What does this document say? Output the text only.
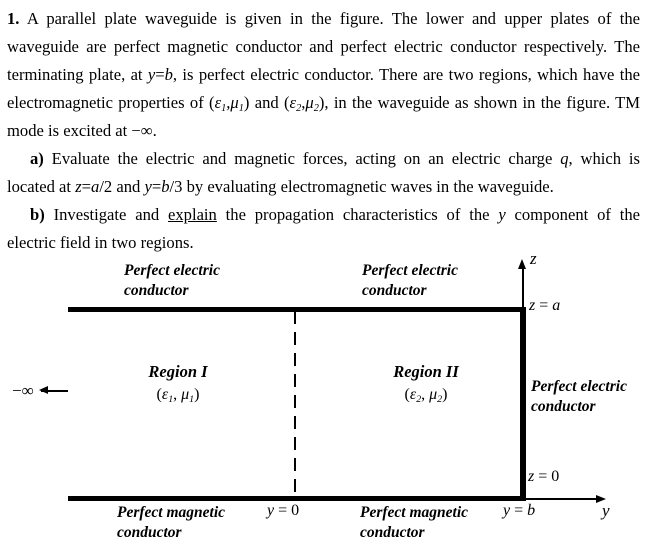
1. A parallel plate waveguide is given in the figure. The lower and upper plates of the
waveguide are perfect magnetic conductor and perfect electric conductor respectively. The
terminating plate, at y=b, is perfect electric conductor. There are two regions, which have the
electromagnetic properties of $(\varepsilon_1,\mu_1)$ and $(\varepsilon_2,\mu_2)$, in the waveguide as shown in the figure. TM
mode is excited at −∞.
a) Evaluate the electric and magnetic forces, acting on an electric charge q, which is
located at z=a/2 and y=b/3 by evaluating electromagnetic waves in the waveguide.
b) Investigate and explain the propagation characteristics of the y component of the
electric field in two regions.
z
y
z = a
z = 0
y = 0	y = b
−∞
Perfect electric
conductor
Perfect electric
conductor
Perfect electric
conductor
Perfect magnetic
conductor
Perfect magnetic
conductor
Region I
($\varepsilon_1$, $\mu_1$)
Region II
($\varepsilon_2$, $\mu_2$)
